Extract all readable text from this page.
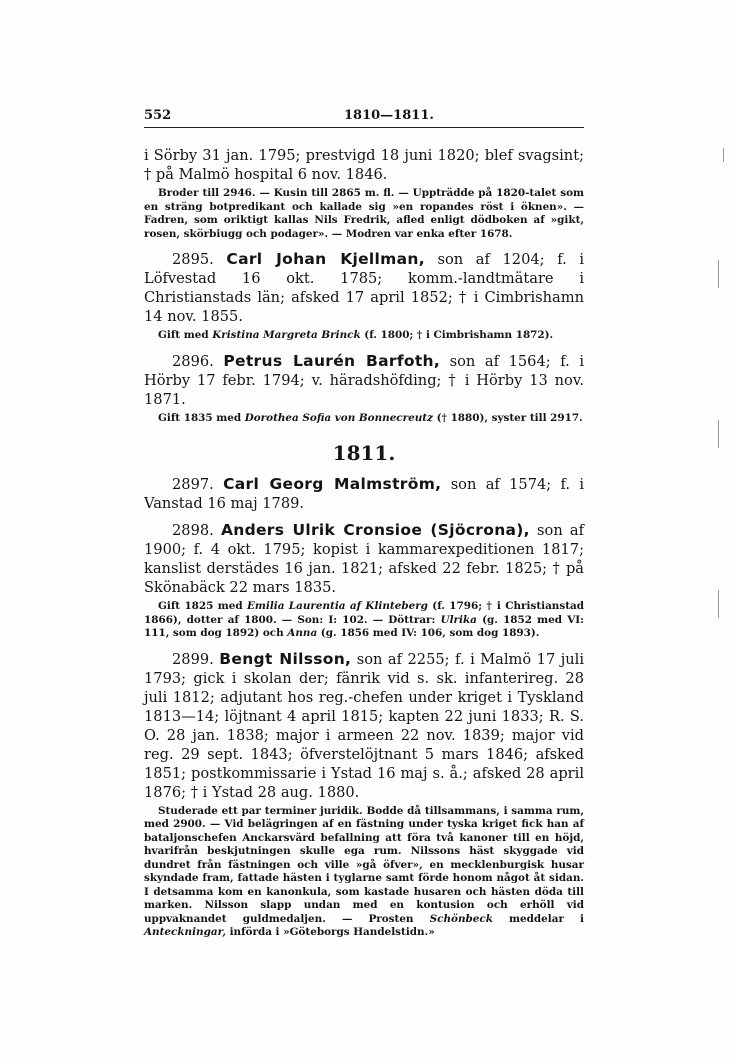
552	1810—1811.

i Sörby 31 jan. 1795; prestvigd 18 juni 1820; blef svagsint; † på Malmö hospital 6 nov. 1846.

Broder till 2946. — Kusin till 2865 m. fl. — Uppträdde på 1820-talet som en sträng botpredikant och kallade sig »en ropandes röst i öknen». — Fadren, som oriktigt kallas Nils Fredrik, afled enligt dödboken af »gikt, rosen, skörbiugg och podager». — Modren var enka efter 1678.

2895. Carl Johan Kjellman, son af 1204; f. i Löfvestad 16 okt. 1785; komm.-landtmätare i Christianstads län; afsked 17 april 1852; † i Cimbrishamn 14 nov. 1855.

Gift med Kristina Margreta Brinck (f. 1800; † i Cimbrishamn 1872).

2896. Petrus Laurén Barfoth, son af 1564; f. i Hörby 17 febr. 1794; v. häradshöfding; † i Hörby 13 nov. 1871.

Gift 1835 med Dorothea Sofia von Bonnecreutz († 1880), syster till 2917.

1811.

2897. Carl Georg Malmström, son af 1574; f. i Vanstad 16 maj 1789.

2898. Anders Ulrik Cronsioe (Sjöcrona), son af 1900; f. 4 okt. 1795; kopist i kammarexpeditionen 1817; kanslist derstädes 16 jan. 1821; afsked 22 febr. 1825; † på Skönabäck 22 mars 1835.

Gift 1825 med Emilia Laurentia af Klinteberg (f. 1796; † i Christianstad 1866), dotter af 1800. — Son: I: 102. — Döttrar: Ulrika (g. 1852 med VI: 111, som dog 1892) och Anna (g. 1856 med IV: 106, som dog 1893).

2899. Bengt Nilsson, son af 2255; f. i Malmö 17 juli 1793; gick i skolan der; fänrik vid s. sk. infanterireg. 28 juli 1812; adjutant hos reg.-chefen under kriget i Tyskland 1813—14; löjtnant 4 april 1815; kapten 22 juni 1833; R. S. O. 28 jan. 1838; major i armeen 22 nov. 1839; major vid reg. 29 sept. 1843; öfverstelöjtnant 5 mars 1846; afsked 1851; postkommissarie i Ystad 16 maj s. å.; afsked 28 april 1876; † i Ystad 28 aug. 1880.

Studerade ett par terminer juridik. Bodde då tillsammans, i samma rum, med 2900. — Vid belägringen af en fästning under tyska kriget fick han af bataljonschefen Anckarsvärd befallning att föra två kanoner till en höjd, hvarifrån beskjutningen skulle ega rum. Nilssons häst skyggade vid dundret från fästningen och ville »gå öfver», en mecklenburgisk husar skyndade fram, fattade hästen i tyglarne samt förde honom något åt sidan. I detsamma kom en kanonkula, som kastade husaren och hästen döda till marken. Nilsson slapp undan med en kontusion och erhöll vid uppvaknandet guldmedaljen. — Prosten Schönbeck meddelar i Anteckningar, införda i »Göteborgs Handelstidn.»
